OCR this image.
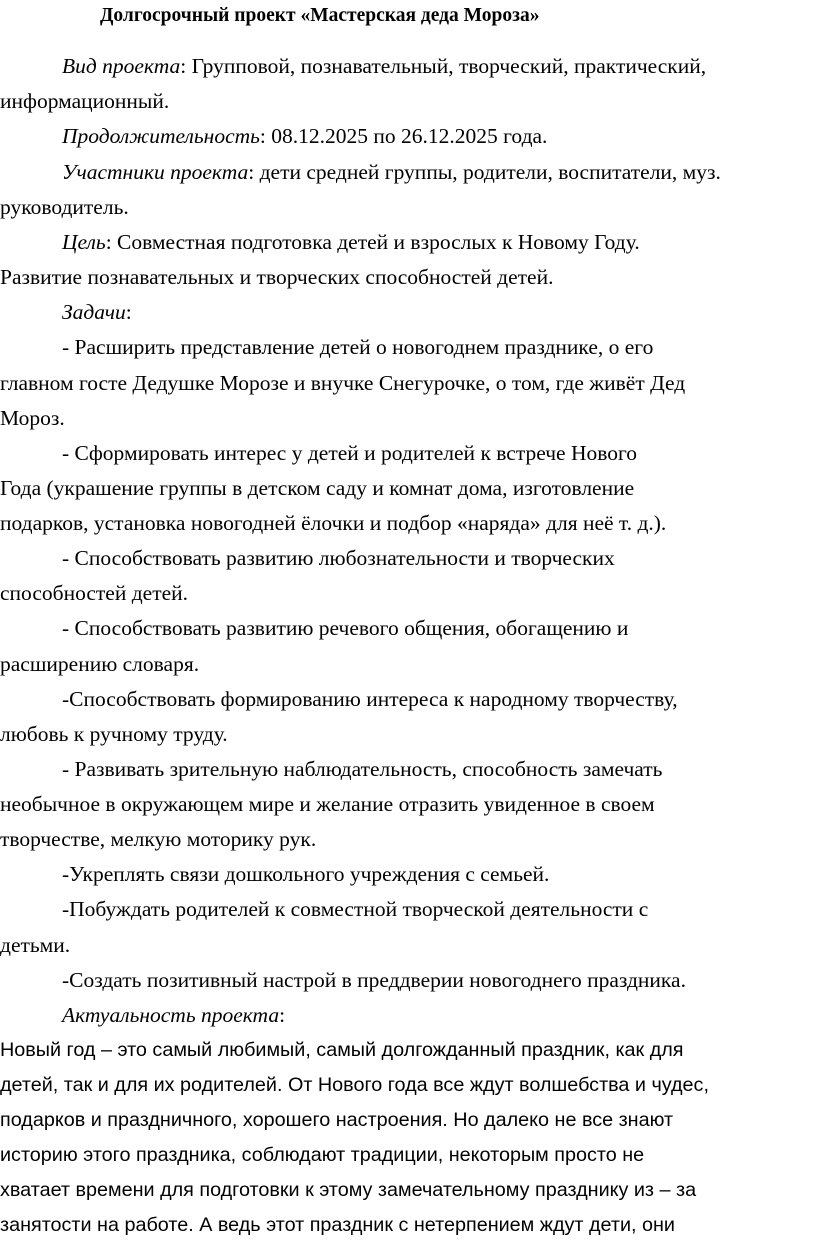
Долгосрочный проект «Мастерская деда Мороза»
Вид проекта: Групповой, познавательный, творческий, практический,
информационный.
Продолжительность: 08.12.2025 по 26.12.2025 года.
Участники проекта: дети средней группы, родители, воспитатели, муз.
руководитель.
Цель: Совместная подготовка детей и взрослых к Новому Году.
Развитие познавательных и творческих способностей детей.
Задачи:
- Расширить представление детей о новогоднем празднике, о его
главном госте Дедушке Морозе и внучке Снегурочке, о том, где живёт Дед
Мороз.
- Сформировать интерес у детей и родителей к встрече Нового
Года (украшение группы в детском саду и комнат дома, изготовление
подарков, установка новогодней ёлочки и подбор «наряда» для неё т. д.).
- Способствовать развитию любознательности и творческих
способностей детей.
- Способствовать развитию речевого общения, обогащению и
расширению словаря.
-Способствовать формированию интереса к народному творчеству,
любовь к ручному труду.
- Развивать зрительную наблюдательность, способность замечать
необычное в окружающем мире и желание отразить увиденное в своем
творчестве, мелкую моторику рук.
-Укреплять связи дошкольного учреждения с семьей.
-Побуждать родителей к совместной творческой деятельности с
детьми.
-Создать позитивный настрой в преддверии новогоднего праздника.
Актуальность проекта:
Новый год – это самый любимый, самый долгожданный праздник, как для
детей, так и для их родителей. От Нового года все ждут волшебства и чудес,
подарков и праздничного, хорошего настроения. Но далеко не все знают
историю этого праздника, соблюдают традиции, некоторым просто не
хватает времени для подготовки к этому замечательному празднику из – за
занятости на работе. А ведь этот праздник с нетерпением ждут дети, они
